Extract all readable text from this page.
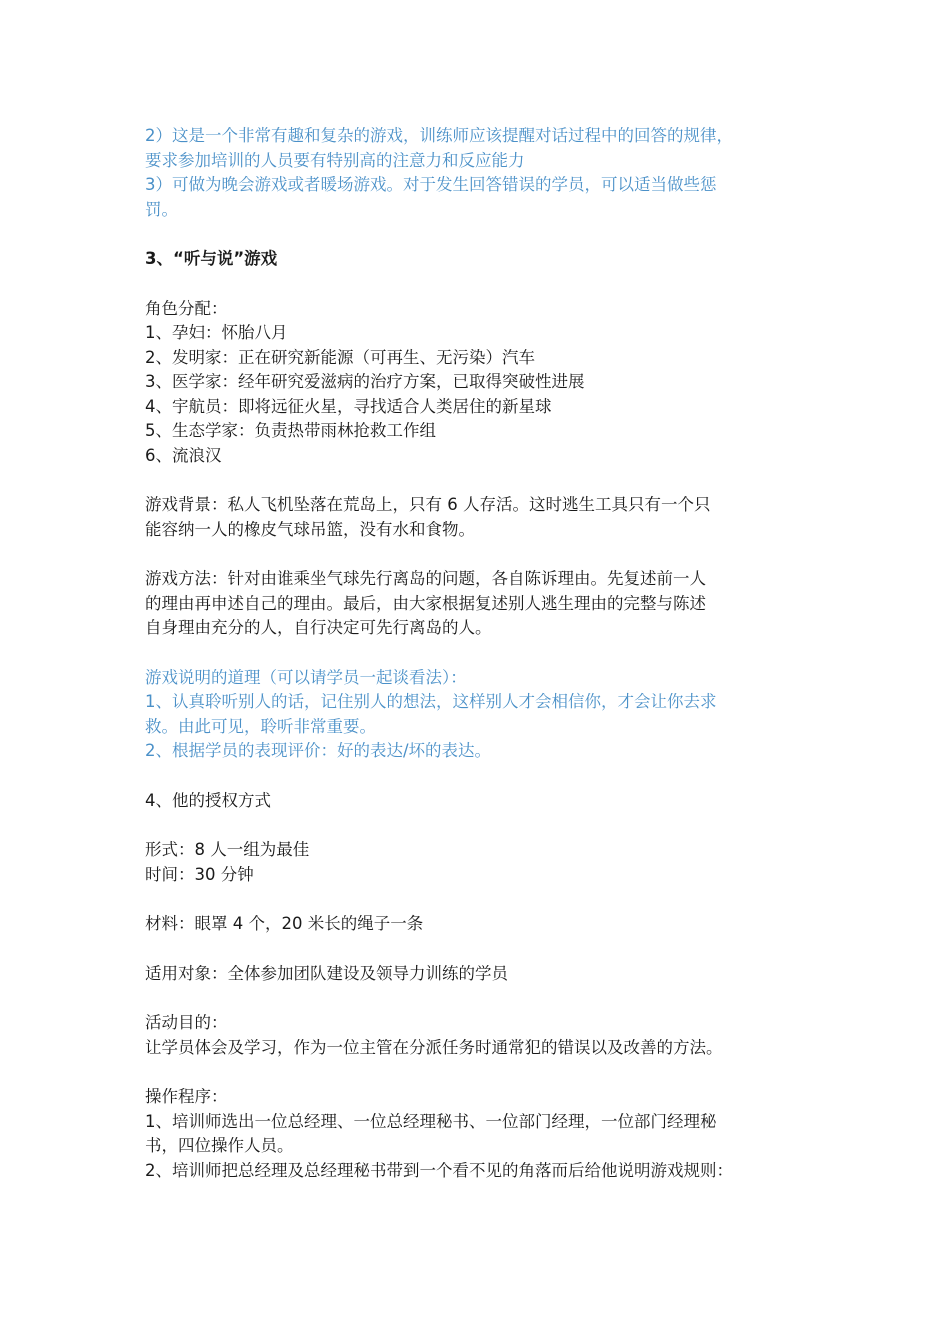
2）这是一个非常有趣和复杂的游戏，训练师应该提醒对话过程中的回答的规律，
要求参加培训的人员要有特别高的注意力和反应能力
3）可做为晚会游戏或者暖场游戏。对于发生回答错误的学员，可以适当做些惩
罚。
3、“听与说”游戏
角色分配：
1、孕妇：怀胎八月
2、发明家：正在研究新能源（可再生、无污染）汽车
3、医学家：经年研究爱滋病的治疗方案，已取得突破性进展
4、宇航员：即将远征火星，寻找适合人类居住的新星球
5、生态学家：负责热带雨林抢救工作组
6、流浪汉
游戏背景：私人飞机坠落在荒岛上，只有 6 人存活。这时逃生工具只有一个只
能容纳一人的橡皮气球吊篮，没有水和食物。
游戏方法：针对由谁乘坐气球先行离岛的问题，各自陈诉理由。先复述前一人
的理由再申述自己的理由。最后，由大家根据复述别人逃生理由的完整与陈述
自身理由充分的人，自行决定可先行离岛的人。
游戏说明的道理（可以请学员一起谈看法）：
1、认真聆听别人的话，记住别人的想法，这样别人才会相信你，才会让你去求
救。由此可见，聆听非常重要。
2、根据学员的表现评价：好的表达/坏的表达。
4、他的授权方式
形式：8 人一组为最佳
时间：30 分钟
材料：眼罩 4 个，20 米长的绳子一条
适用对象：全体参加团队建设及领导力训练的学员
活动目的：
让学员体会及学习，作为一位主管在分派任务时通常犯的错误以及改善的方法。
操作程序：
1、培训师选出一位总经理、一位总经理秘书、一位部门经理，一位部门经理秘
书，四位操作人员。
2、培训师把总经理及总经理秘书带到一个看不见的角落而后给他说明游戏规则：
